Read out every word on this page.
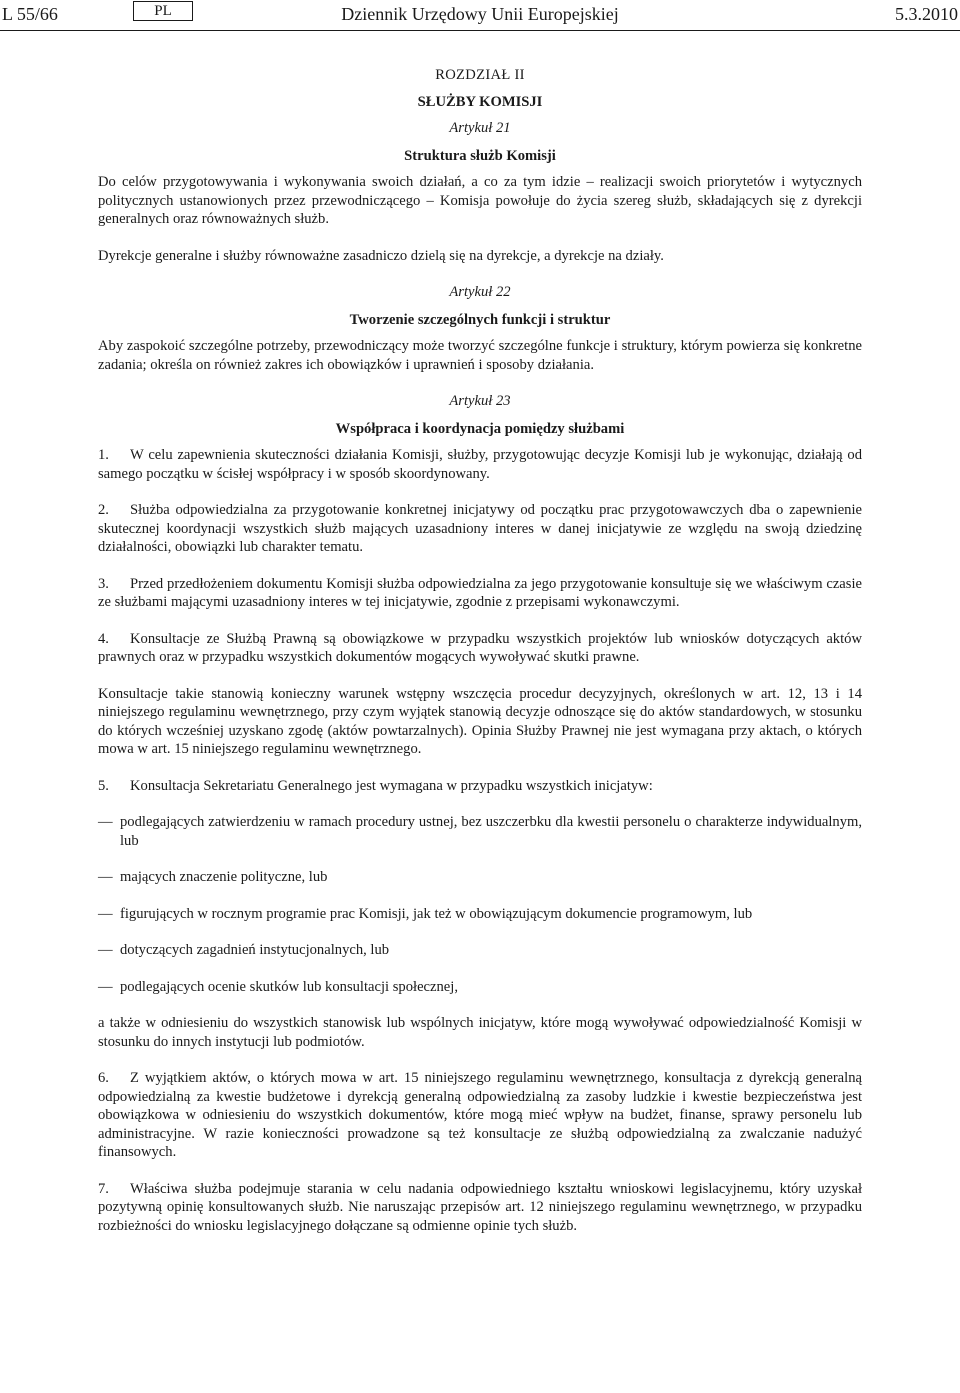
L 55/66	PL	Dziennik Urzędowy Unii Europejskiej	5.3.2010
ROZDZIAŁ II
SŁUŻBY KOMISJI
Artykuł 21
Struktura służb Komisji

Do celów przygotowywania i wykonywania swoich działań, a co za tym idzie – realizacji swoich priorytetów i wytycznych politycznych ustanowionych przez przewodniczącego – Komisja powołuje do życia szereg służb, składających się z dyrekcji generalnych oraz równoważnych służb.

Dyrekcje generalne i służby równoważne zasadniczo dzielą się na dyrekcje, a dyrekcje na działy.

Artykuł 22
Tworzenie szczególnych funkcji i struktur

Aby zaspokoić szczególne potrzeby, przewodniczący może tworzyć szczególne funkcje i struktury, którym powierza się konkretne zadania; określa on również zakres ich obowiązków i uprawnień i sposoby działania.

Artykuł 23
Współpraca i koordynacja pomiędzy służbami

1. W celu zapewnienia skuteczności działania Komisji, służby, przygotowując decyzje Komisji lub je wykonując, działają od samego początku w ścisłej współpracy i w sposób skoordynowany.

2. Służba odpowiedzialna za przygotowanie konkretnej inicjatywy od początku prac przygotowawczych dba o zapewnienie skutecznej koordynacji wszystkich służb mających uzasadniony interes w danej inicjatywie ze względu na swoją dziedzinę działalności, obowiązki lub charakter tematu.

3. Przed przedłożeniem dokumentu Komisji służba odpowiedzialna za jego przygotowanie konsultuje się we właściwym czasie ze służbami mającymi uzasadniony interes w tej inicjatywie, zgodnie z przepisami wykonawczymi.

4. Konsultacje ze Służbą Prawną są obowiązkowe w przypadku wszystkich projektów lub wniosków dotyczących aktów prawnych oraz w przypadku wszystkich dokumentów mogących wywoływać skutki prawne.

Konsultacje takie stanowią konieczny warunek wstępny wszczęcia procedur decyzyjnych, określonych w art. 12, 13 i 14 niniejszego regulaminu wewnętrznego, przy czym wyjątek stanowią decyzje odnoszące się do aktów standardowych, w stosunku do których wcześniej uzyskano zgodę (aktów powtarzalnych). Opinia Służby Prawnej nie jest wymagana przy aktach, o których mowa w art. 15 niniejszego regulaminu wewnętrznego.

5. Konsultacja Sekretariatu Generalnego jest wymagana w przypadku wszystkich inicjatyw:

— podlegających zatwierdzeniu w ramach procedury ustnej, bez uszczerbku dla kwestii personelu o charakterze indywidualnym, lub

— mających znaczenie polityczne, lub

— figurujących w rocznym programie prac Komisji, jak też w obowiązującym dokumencie programowym, lub

— dotyczących zagadnień instytucjonalnych, lub

— podlegających ocenie skutków lub konsultacji społecznej,

a także w odniesieniu do wszystkich stanowisk lub wspólnych inicjatyw, które mogą wywoływać odpowiedzialność Komisji w stosunku do innych instytucji lub podmiotów.

6. Z wyjątkiem aktów, o których mowa w art. 15 niniejszego regulaminu wewnętrznego, konsultacja z dyrekcją generalną odpowiedzialną za kwestie budżetowe i dyrekcją generalną odpowiedzialną za zasoby ludzkie i kwestie bezpieczeństwa jest obowiązkowa w odniesieniu do wszystkich dokumentów, które mogą mieć wpływ na budżet, finanse, sprawy personelu lub administracyjne. W razie konieczności prowadzone są też konsultacje ze służbą odpowiedzialną za zwalczanie nadużyć finansowych.

7. Właściwa służba podejmuje starania w celu nadania odpowiedniego kształtu wnioskowi legislacyjnemu, który uzyskał pozytywną opinię konsultowanych służb. Nie naruszając przepisów art. 12 niniejszego regulaminu wewnętrznego, w przypadku rozbieżności do wniosku legislacyjnego dołączane są odmienne opinie tych służb.
